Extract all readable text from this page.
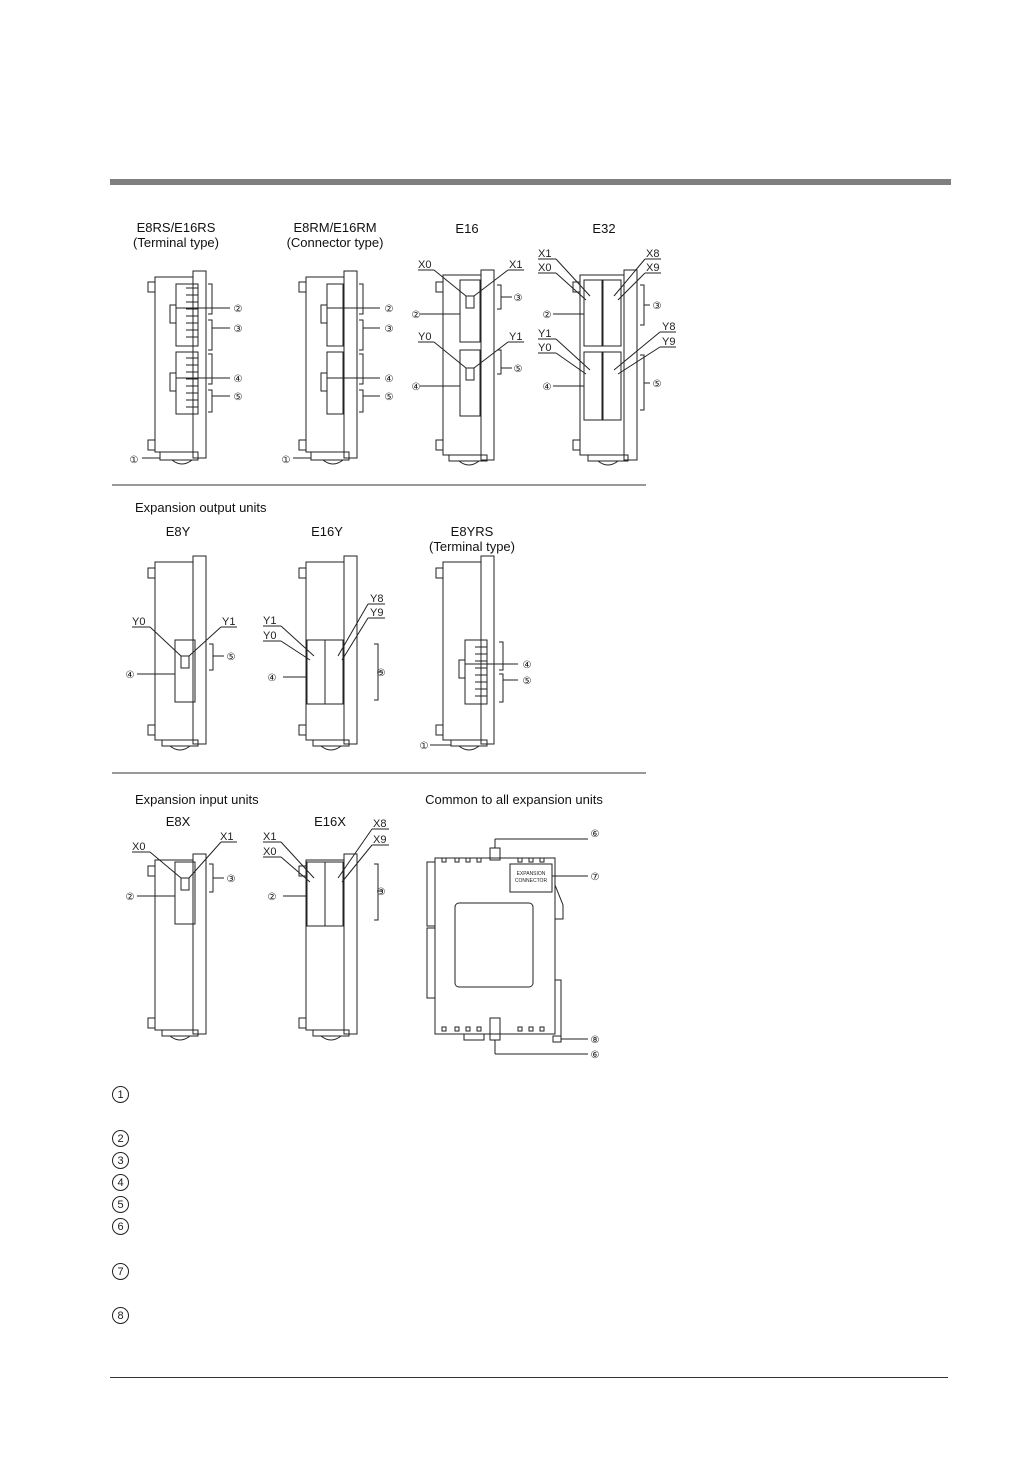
E8RS/E16RS
(Terminal type)
E8RM/E16RM
(Connector type)
E16	E32
②
③
④
⑤
①
②
③
④
⑤
①
X0	X1
Y0	Y1
②
③
④
⑤
X1
X0
X8
X9
Y1
Y0
Y8
Y9
②
③
④	⑤
Expansion output units
E8Y	E16Y	E8YRS
(Terminal type)
Y0	Y1
④
⑤
Y1
Y0
Y8
Y9
④	⑤
④
⑤
①
Expansion input units
E8X	E16X
Common to all expansion units
X0
X1
②
③
X1
X0
X8
X9
②	③
EXPANSION
CONNECTOR
⑥
⑦
⑧
⑥
1
2
3
4
5
6
7
8
